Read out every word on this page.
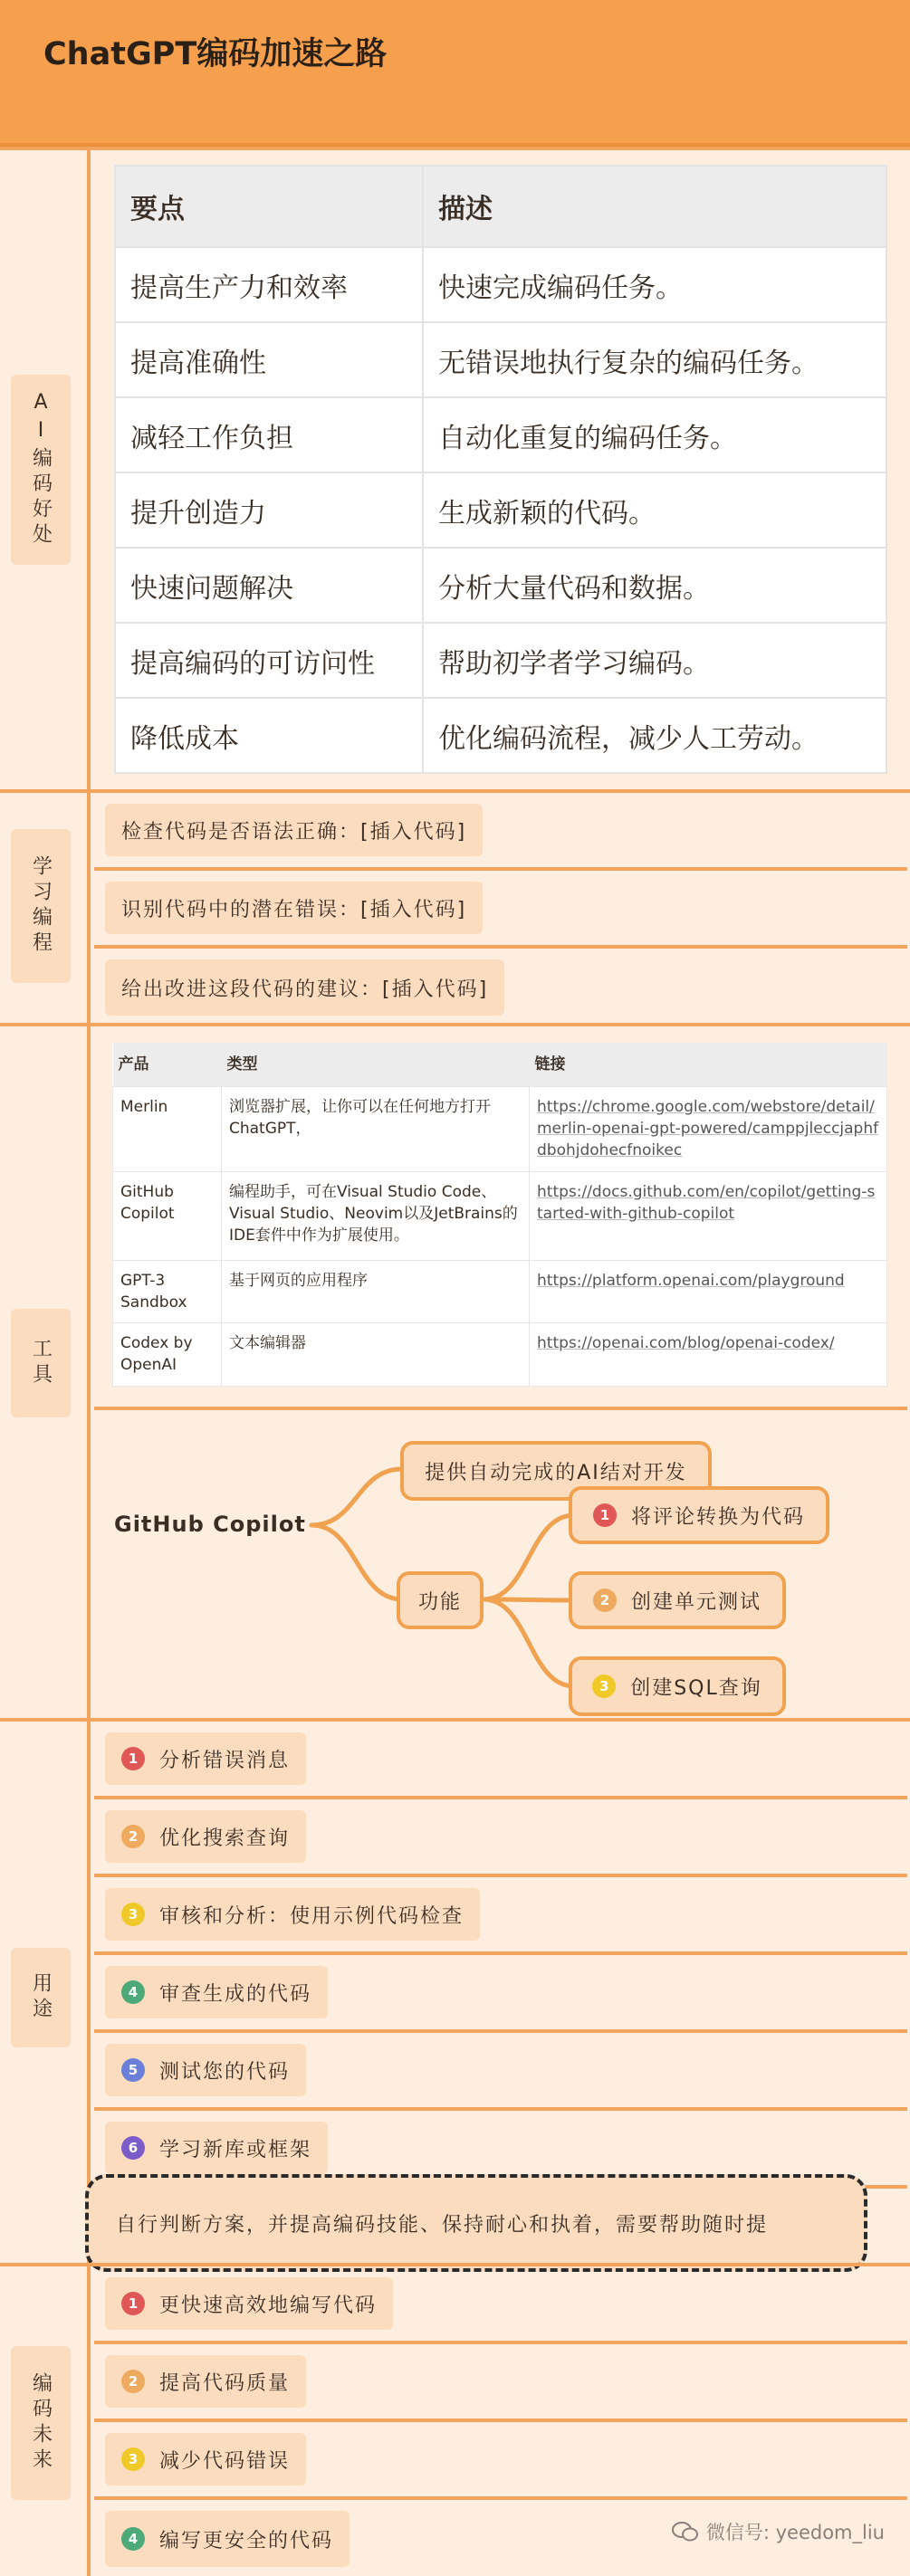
ChatGPT编码加速之路
AI编码好处
要点	描述
提高生产力和效率	快速完成编码任务。
提高准确性	无错误地执行复杂的编码任务。
减轻工作负担	自动化重复的编码任务。
提升创造力	生成新颖的代码。
快速问题解决	分析大量代码和数据。
提高编码的可访问性	帮助初学者学习编码。
降低成本	优化编码流程，减少人工劳动。
学习编程
检查代码是否语法正确：[插入代码]
识别代码中的潜在错误：[插入代码]
给出改进这段代码的建议：[插入代码]
工具
产品	类型	链接
Merlin	浏览器扩展，让你可以在任何地方打开ChatGPT，	https://chrome.google.com/webstore/detail/merlin-openai-gpt-powered/camppjleccjaphfdbohjdohecfnoikec
GitHub Copilot	编程助手，可在Visual Studio Code、Visual Studio、Neovim以及JetBrains的IDE套件中作为扩展使用。	https://docs.github.com/en/copilot/getting-started-with-github-copilot
GPT-3 Sandbox	基于网页的应用程序	https://platform.openai.com/playground
Codex by OpenAI	文本编辑器	https://openai.com/blog/openai-codex/
GitHub Copilot
提供自动完成的AI结对开发
功能
1	将评论转换为代码
2	创建单元测试
3	创建SQL查询
用途
1	分析错误消息
2	优化搜索查询
3	审核和分析：使用示例代码检查
4	审查生成的代码
5	测试您的代码
6	学习新库或框架
自行判断方案，并提高编码技能、保持耐心和执着，需要帮助随时提
编码未来
1	更快速高效地编写代码
2	提高代码质量
3	减少代码错误
4	编写更安全的代码	微信号: yeedom_liu
